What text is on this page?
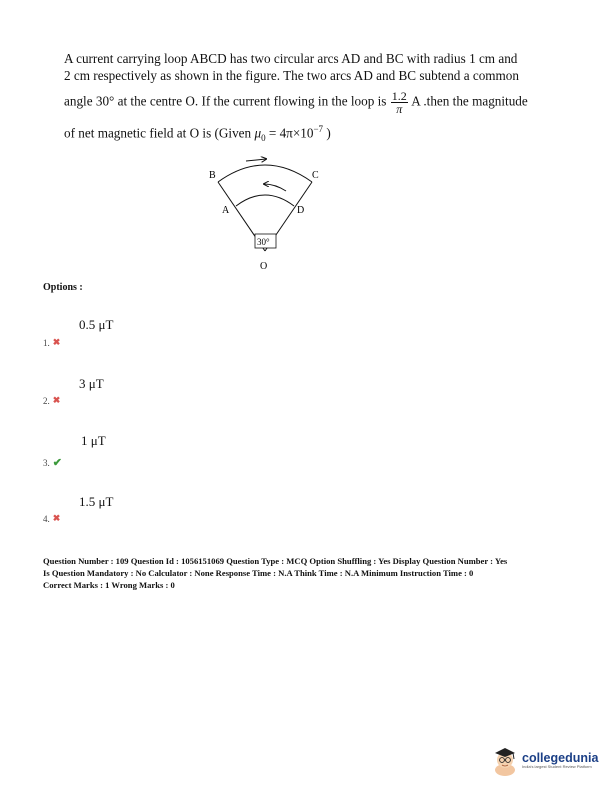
A current carrying loop ABCD has two circular arcs AD and BC with radius 1 cm and

2 cm respectively as shown in the figure. The two arcs AD and BC subtend a common

angle 30° at the centre O. If the current flowing in the loop is $\frac{1.2}{\pi}$ A .then the magnitude

of net magnetic field at O is (Given $\mu_0 = 4\pi\times 10^{-7}$ )

30°
B	C
A	D
O
Options :
0.5 μT
1. ✖
3 μT
2. ✖
1 μT
3. ✔
1.5 μT
4. ✖

Question Number : 109 Question Id : 1056151069 Question Type : MCQ Option Shuffling : Yes Display Question Number : Yes

Is Question Mandatory : No Calculator : None Response Time : N.A Think Time : N.A Minimum Instruction Time : 0

Correct Marks : 1 Wrong Marks : 0

collegedunia
India's largest Student Review Platform
